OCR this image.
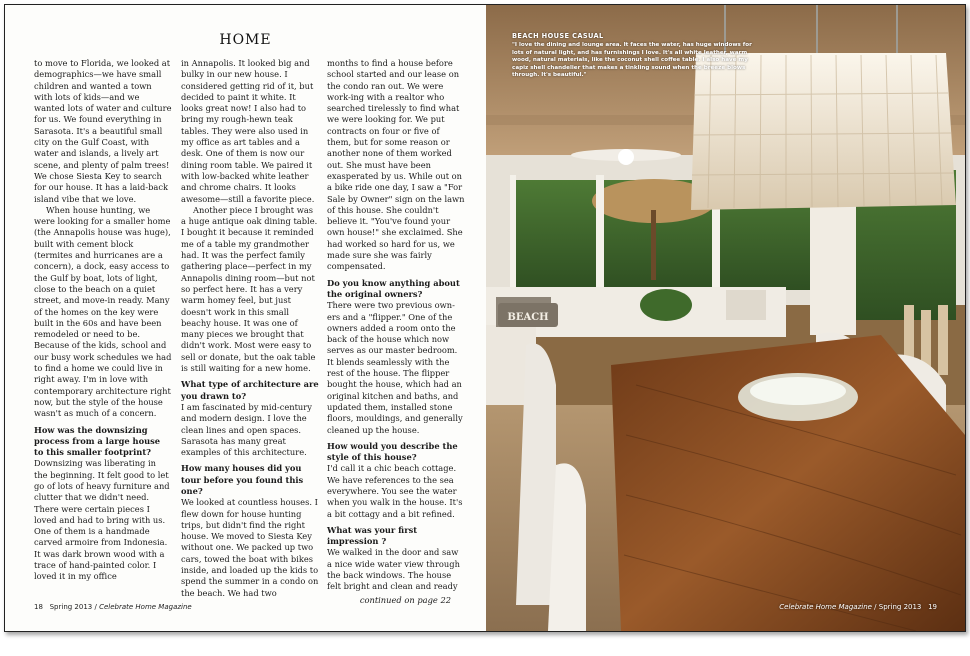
HOME

to move to Florida, we looked at demographics—we have small children and wanted a town with lots of kids—and we wanted lots of water and culture for us. We found everything in Sarasota. It's a beautiful small city on the Gulf Coast, with water and islands, a lively art scene, and plenty of palm trees! We chose Siesta Key to search for our house. It has a laid-back island vibe that we love.

When house hunting, we were looking for a smaller home (the Annapolis house was huge), built with cement block (termites and hurricanes are a concern), a dock, easy access to the Gulf by boat, lots of light, close to the beach on a quiet street, and move-in ready. Many of the homes on the key were built in the 60s and have been remodeled or need to be. Because of the kids, school and our busy work schedules we had to find a home we could live in right away. I'm in love with contemporary architecture right now, but the style of the house wasn't as much of a concern.

How was the downsizing process from a large house to this smaller footprint?

Downsizing was liberating in the beginning. It felt good to let go of lots of heavy furniture and clutter that we didn't need. There were certain pieces I loved and had to bring with us. One of them is a handmade carved armoire from Indonesia. It was dark brown wood with a trace of hand-painted color. I loved it in my office

in Annapolis. It looked big and bulky in our new house. I considered getting rid of it, but decided to paint it white. It looks great now! I also had to bring my rough-hewn teak tables. They were also used in my office as art tables and a desk. One of them is now our dining room table. We paired it with low-backed white leather and chrome chairs. It looks awesome—still a favorite piece.

Another piece I brought was a huge antique oak dining table. I bought it because it reminded me of a table my grandmother had. It was the perfect family gathering place—perfect in my Annapolis dining room—but not so perfect here. It has a very warm homey feel, but just doesn't work in this small beachy house. It was one of many pieces we brought that didn't work. Most were easy to sell or donate, but the oak table is still waiting for a new home.

What type of architecture are you drawn to?

I am fascinated by mid-century and modern design. I love the clean lines and open spaces. Sarasota has many great examples of this architecture.

How many houses did you tour before you found this one?

We looked at countless houses. I flew down for house hunting trips, but didn't find the right house. We moved to Siesta Key without one. We packed up two cars, towed the boat with bikes inside, and loaded up the kids to spend the summer in a condo on the beach. We had two

months to find a house before school started and our lease on the condo ran out. We were work-ing with a realtor who searched tirelessly to find what we were looking for. We put contracts on four or five of them, but for some reason or another none of them worked out. She must have been exasperated by us. While out on a bike ride one day, I saw a "For Sale by Owner" sign on the lawn of this house. She couldn't believe it. "You've found your own house!" she exclaimed. She had worked so hard for us, we made sure she was fairly compensated.

Do you know anything about the original owners?

There were two previous own-ers and a "flipper." One of the owners added a room onto the back of the house which now serves as our master bedroom. It blends seamlessly with the rest of the house. The flipper bought the house, which had an original kitchen and baths, and updated them, installed stone floors, mouldings, and generally cleaned up the house.

How would you describe the style of this house?

I'd call it a chic beach cottage. We have references to the sea everywhere. You see the water when you walk in the house. It's a bit cottagy and a bit refined.

What was your first impression ?

We walked in the door and saw a nice wide water view through the back windows. The house felt bright and clean and ready

continued on page 22

18 Spring 2013 / Celebrate Home Magazine
BEACH
BEACH HOUSE CASUAL
"I love the dining and lounge area. It faces the water, has huge windows for lots of natural light, and has furnishings I love. It's all white leather, warm wood, natural materials, like the coconut shell coffee table. I also have my capiz shell chandelier that makes a tinkling sound when the breeze blows through. It's beautiful."
Celebrate Home Magazine / Spring 2013 19
